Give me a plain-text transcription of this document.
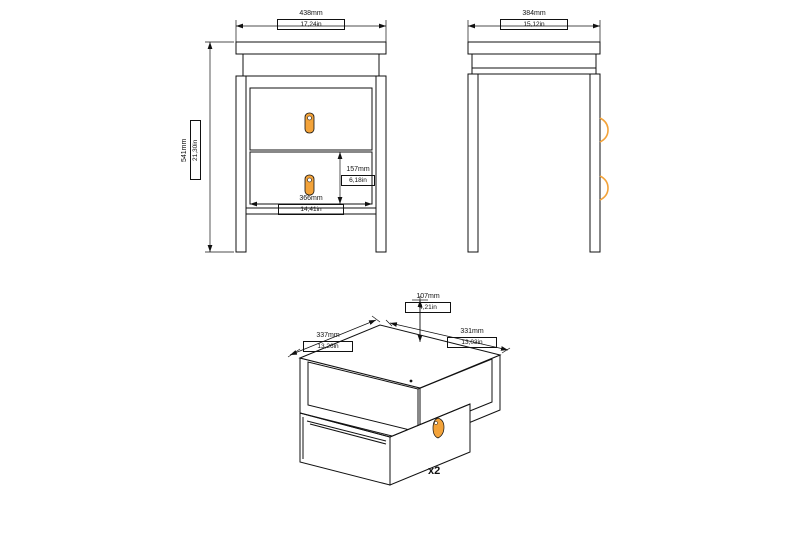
438mm
17,24in
541mm 21,30in
366mm
14,41in
157mm
6,18in
384mm
15,12in
337mm
13,26in
331mm
13,03in
107mm
4,21in
x2
